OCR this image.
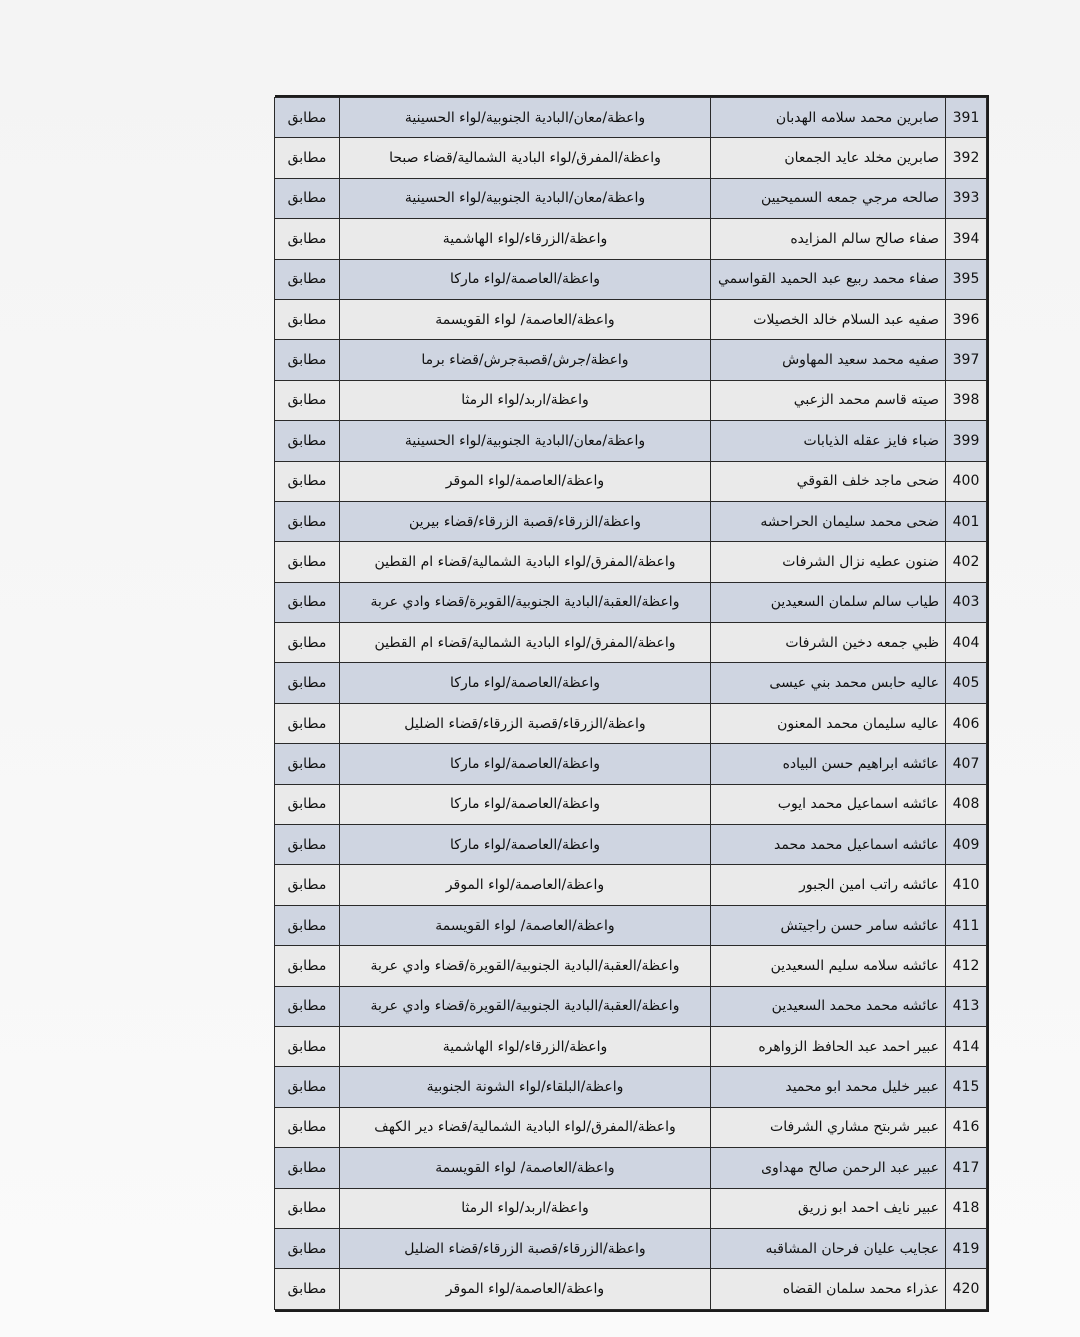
391	صابرين محمد سلامه الهدبان	واعظة/معان/البادية الجنوبية/لواء الحسينية	مطابق
392	صابرين مخلد عايد الجمعان	واعظة/المفرق/لواء البادية الشمالية/قضاء صبحا	مطابق
393	صالحه مرجي جمعه السميحيين	واعظة/معان/البادية الجنوبية/لواء الحسينية	مطابق
394	صفاء صالح سالم المزايده	واعظة/الزرقاء/لواء الهاشمية	مطابق
395	صفاء محمد ربيع عبد الحميد القواسمي	واعظة/العاصمة/لواء ماركا	مطابق
396	صفيه عبد السلام خالد الخصيلات	واعظة/العاصمة/ لواء القويسمة	مطابق
397	صفيه محمد سعيد المهاوش	واعظة/جرش/قصبةجرش/قضاء برما	مطابق
398	صيته قاسم محمد الزعبي	واعظة/اربد/لواء الرمثا	مطابق
399	ضباء فايز عقله الذيابات	واعظة/معان/البادية الجنوبية/لواء الحسينية	مطابق
400	ضحى ماجد خلف القوقي	واعظة/العاصمة/لواء الموقر	مطابق
401	ضحى محمد سليمان الحراحشه	واعظة/الزرقاء/قصبة الزرقاء/قضاء بيرين	مطابق
402	ضنون عطيه نزال الشرفات	واعظة/المفرق/لواء البادية الشمالية/قضاء ام القطين	مطابق
403	طياب سالم سلمان السعيدين	واعظة/العقبة/البادية الجنوبية/القويرة/قضاء وادي عربة	مطابق
404	ظبي جمعه دخين الشرفات	واعظة/المفرق/لواء البادية الشمالية/قضاء ام القطين	مطابق
405	عاليه حابس محمد بني عيسى	واعظة/العاصمة/لواء ماركا	مطابق
406	عاليه سليمان محمد المعنون	واعظة/الزرقاء/قصبة الزرقاء/قضاء الضليل	مطابق
407	عائشه ابراهيم حسن البياده	واعظة/العاصمة/لواء ماركا	مطابق
408	عائشه اسماعيل محمد ايوب	واعظة/العاصمة/لواء ماركا	مطابق
409	عائشه اسماعيل محمد محمد	واعظة/العاصمة/لواء ماركا	مطابق
410	عائشه راتب امين الجبور	واعظة/العاصمة/لواء الموقر	مطابق
411	عائشه سامر حسن راجيتش	واعظة/العاصمة/ لواء القويسمة	مطابق
412	عائشه سلامه سليم السعيدين	واعظة/العقبة/البادية الجنوبية/القويرة/قضاء وادي عربة	مطابق
413	عائشه محمد محمد السعيدين	واعظة/العقبة/البادية الجنوبية/القويرة/قضاء وادي عربة	مطابق
414	عبير احمد عبد الحافظ الزواهره	واعظة/الزرقاء/لواء الهاشمية	مطابق
415	عبير خليل محمد ابو محميد	واعظة/البلقاء/لواء الشونة الجنوبية	مطابق
416	عبير شربتح مشاري الشرفات	واعظة/المفرق/لواء البادية الشمالية/قضاء دير الكهف	مطابق
417	عبير عبد الرحمن صالح مهداوى	واعظة/العاصمة/ لواء القويسمة	مطابق
418	عبير نايف احمد ابو زريق	واعظة/اربد/لواء الرمثا	مطابق
419	عجايب عليان فرحان المشاقبه	واعظة/الزرقاء/قصبة الزرقاء/قضاء الضليل	مطابق
420	عذراء محمد سلمان القضاه	واعظة/العاصمة/لواء الموقر	مطابق
